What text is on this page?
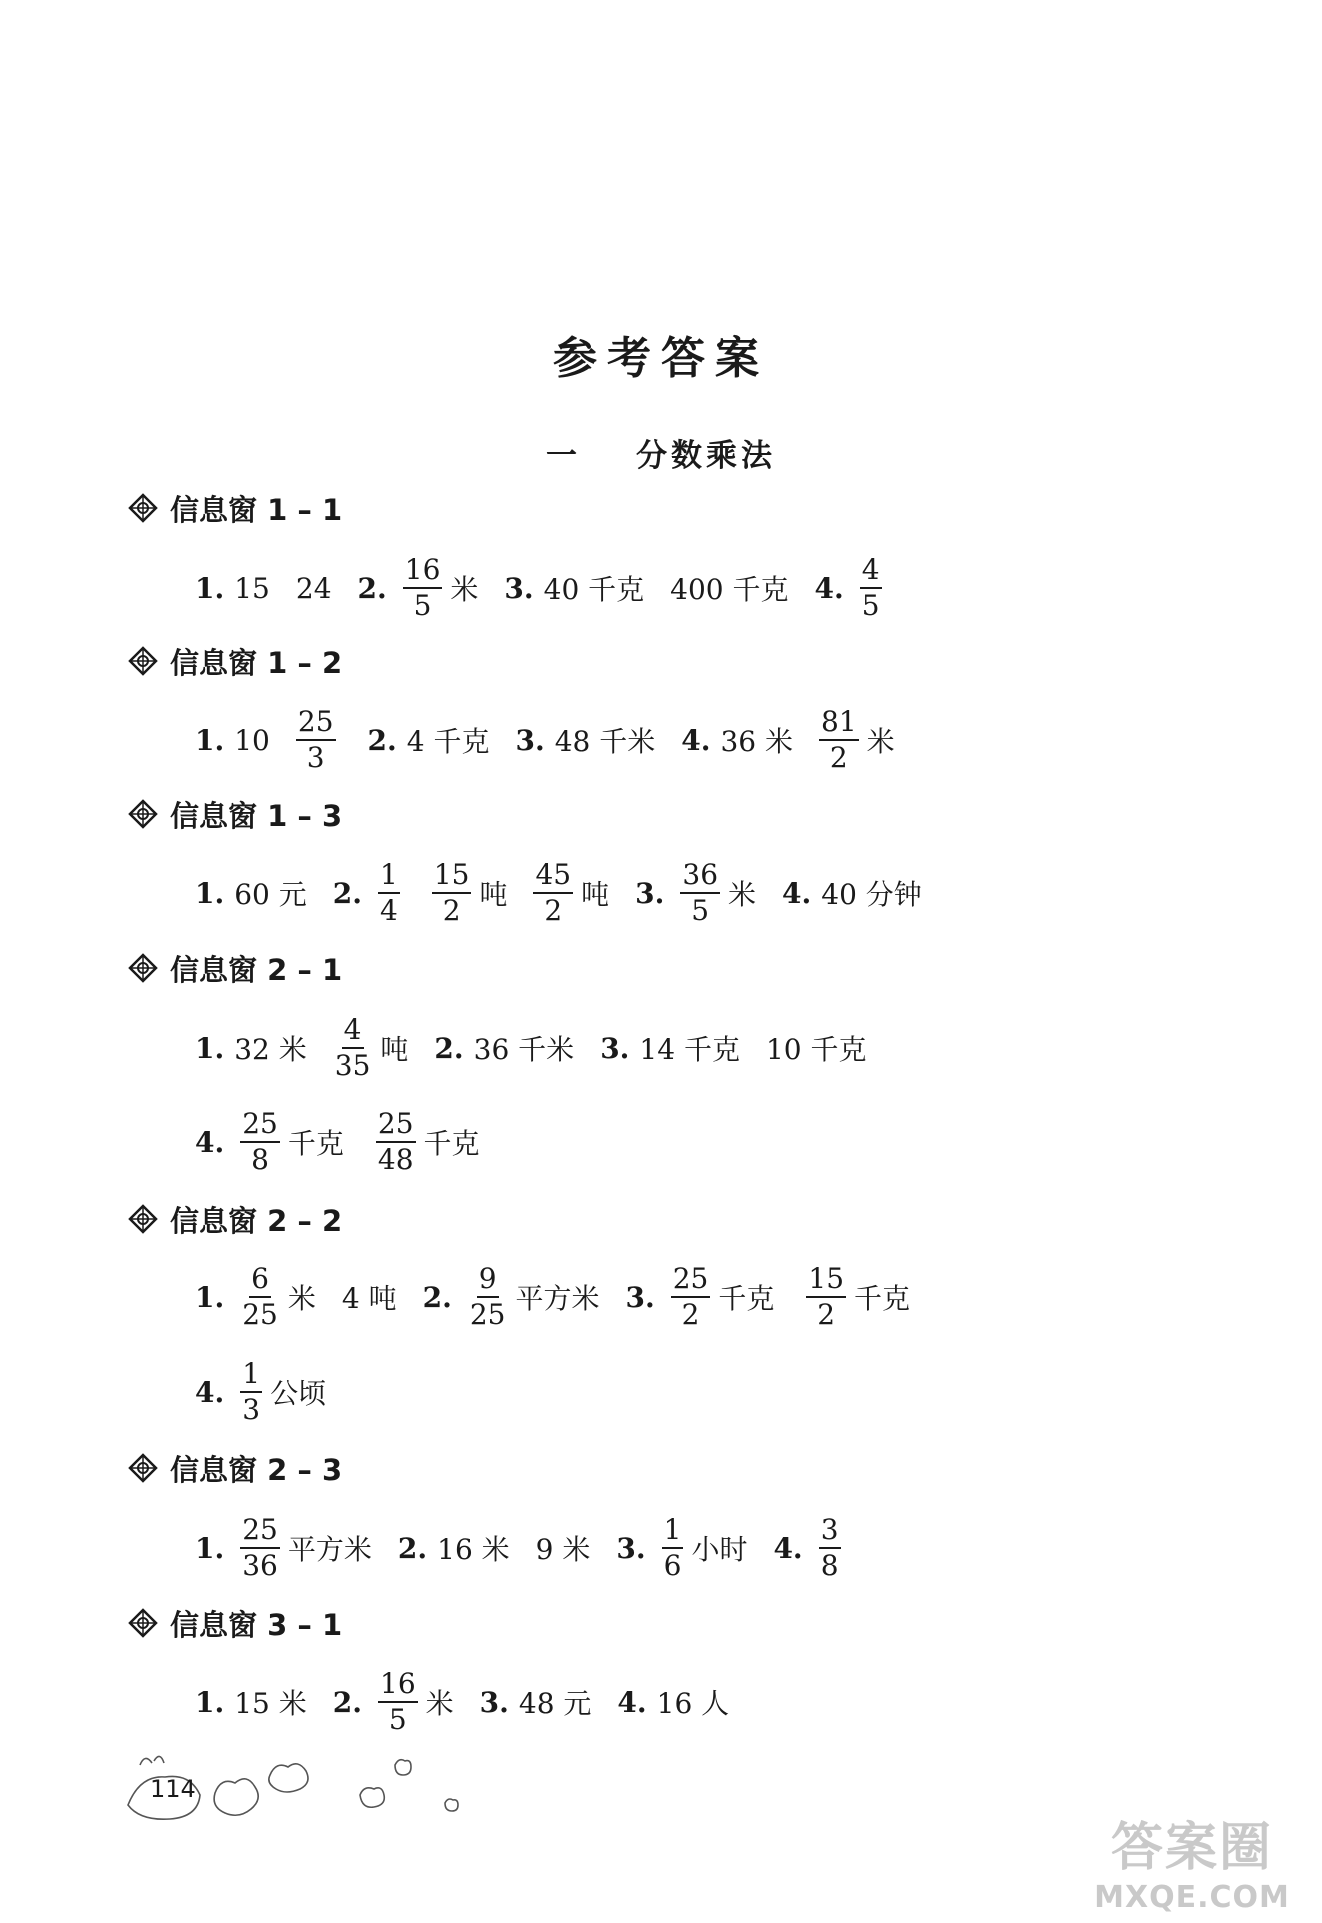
参考答案
一 分数乘法
信息窗 1 – 1
1. 15 24 2. $\frac{16}{5}$ 米 3. 40 千克 400 千克 4. $\frac{4}{5}$
信息窗 1 – 2
1. $10 \frac{25}{3} 2$. 4 千克 3. 48 千米 4. 36 米 $\frac{81}{2}$ 米
信息窗 1 – 3
1. 60 元 2. $\frac{1}{4} \frac{15}{2}$ 吨 $\frac{45}{2}$ 吨 3. $\frac{36}{5}$ 米 4. 40 分钟
信息窗 2 – 1
1. 32 米 $\frac{4}{35}$ 吨 2. 36 千米 3. 14 千克 10 千克
4. $\frac{25}{8}$ 千克 $\frac{25}{48}$ 千克
信息窗 2 – 2
1. $\frac{6}{25}$ 米 4 吨 2. $\frac{9}{25}$ 平方米 3. $\frac{25}{2}$ 千克 $\frac{15}{2}$ 千克
4. $\frac{1}{3}$ 公顷
信息窗 2 – 3
1. $\frac{25}{36}$ 平方米 2. 16 米 9 米 3. $\frac{1}{6}$ 小时 4. $\frac{3}{8}$
信息窗 3 – 1
1. 15 米 2. $\frac{16}{5}$ 米 3. 48 元 4. 16 人
114
答案圈
MXQE.COM
